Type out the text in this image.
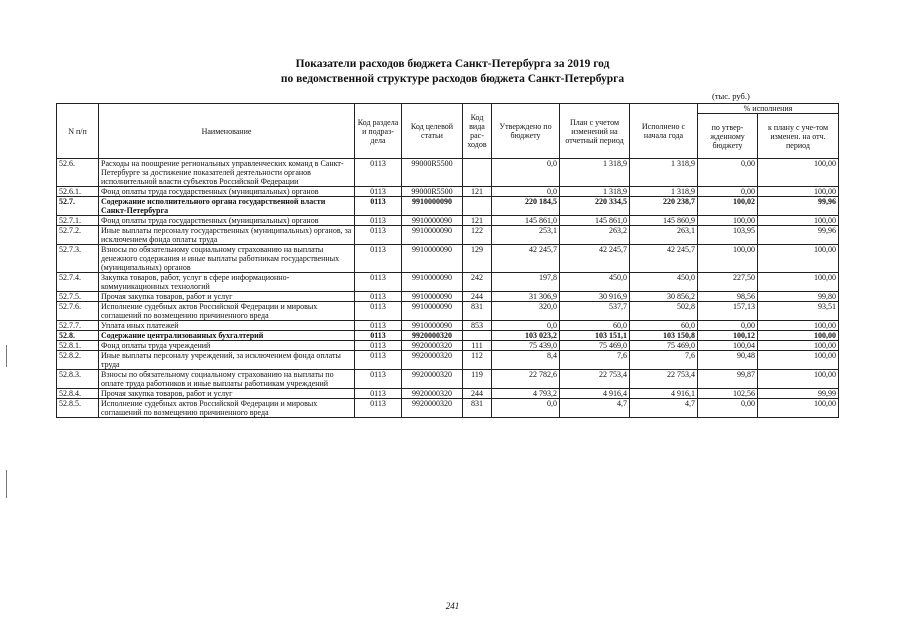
Показатели расходов бюджета Санкт-Петербурга за 2019 год
по ведомственной структуре расходов бюджета Санкт-Петербурга
(тыс. руб.)
N п/п	Наименование	Код раздела и подраз-дела	Код целевой статьи	Код вида рас-ходов	Утверждено по бюджету	План с учетом изменений на отчетный период	Исполнено с начала года	% исполнения	
								по утвер-жденному бюджету	к плану с уче-том изменен. на отч. период
52.6.	Расходы на поощрение региональных управленческих команд в Санкт-Петербурге за достижение показателей деятельности органов исполнительной власти субъектов Российской Федерации	0113	99000R5500		0,0	1 318,9	1 318,9	0,00	100,00
52.6.1.	Фонд оплаты труда государственных (муниципальных) органов	0113	99000R5500	121	0,0	1 318,9	1 318,9	0,00	100,00
52.7.	Содержание исполнительного органа государственной власти Санкт-Петербурга	0113	9910000090		220 184,5	220 334,5	220 238,7	100,02	99,96
52.7.1.	Фонд оплаты труда государственных (муниципальных) органов	0113	9910000090	121	145 861,0	145 861,0	145 860,9	100,00	100,00
52.7.2.	Иные выплаты персоналу государственных (муниципальных) органов, за исключением фонда оплаты труда	0113	9910000090	122	253,1	263,2	263,1	103,95	99,96
52.7.3.	Взносы по обязательному социальному страхованию на выплаты денежного содержания и иные выплаты работникам государственных (муниципальных) органов	0113	9910000090	129	42 245,7	42 245,7	42 245,7	100,00	100,00
52.7.4.	Закупка товаров, работ, услуг в сфере информационно-коммуникационных технологий	0113	9910000090	242	197,8	450,0	450,0	227,50	100,00
52.7.5.	Прочая закупка товаров, работ и услуг	0113	9910000090	244	31 306,9	30 916,9	30 856,2	98,56	99,80
52.7.6.	Исполнение судебных актов Российской Федерации и мировых соглашений по возмещению причиненного вреда	0113	9910000090	831	320,0	537,7	502,8	157,13	93,51
52.7.7.	Уплата иных платежей	0113	9910000090	853	0,0	60,0	60,0	0,00	100,00
52.8.	Содержание централизованных бухгалтерий	0113	9920000320		103 023,2	103 151,1	103 150,8	100,12	100,00
52.8.1.	Фонд оплаты труда учреждений	0113	9920000320	111	75 439,0	75 469,0	75 469,0	100,04	100,00
52.8.2.	Иные выплаты персоналу учреждений, за исключением фонда оплаты труда	0113	9920000320	112	8,4	7,6	7,6	90,48	100,00
52.8.3.	Взносы по обязательному социальному страхованию на выплаты по оплате труда работников и иные выплаты работникам учреждений	0113	9920000320	119	22 782,6	22 753,4	22 753,4	99,87	100,00
52.8.4.	Прочая закупка товаров, работ и услуг	0113	9920000320	244	4 793,2	4 916,4	4 916,1	102,56	99,99
52.8.5.	Исполнение судебных актов Российской Федерации и мировых соглашений по возмещению причиненного вреда	0113	9920000320	831	0,0	4,7	4,7	0,00	100,00
241
